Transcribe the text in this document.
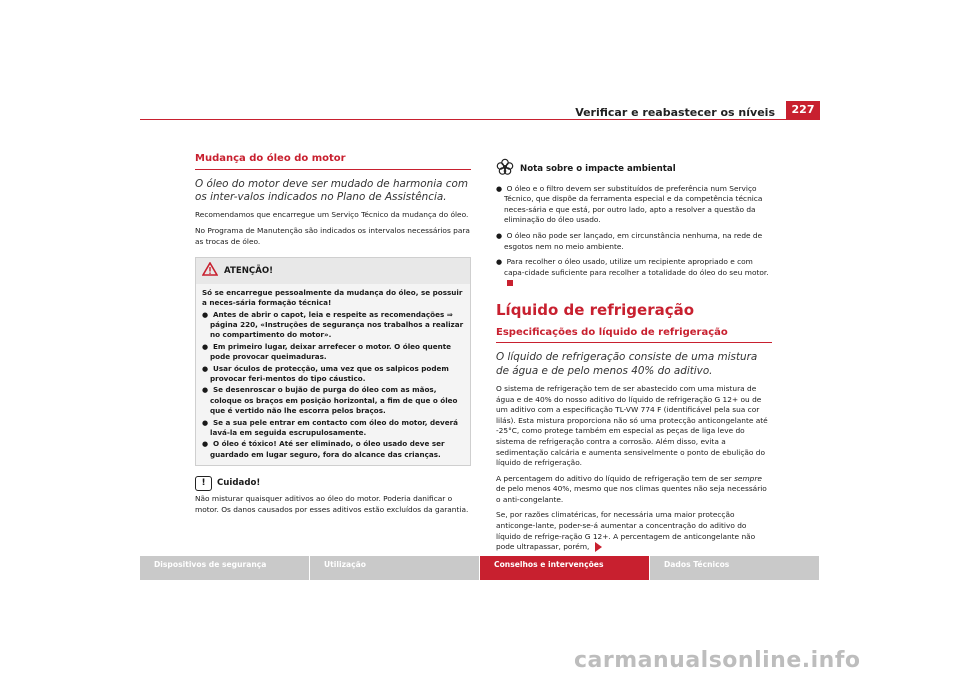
Verificar e reabastecer os níveis	227
Mudança do óleo do motor
O óleo do motor deve ser mudado de harmonia com os inter-valos indicados no Plano de Assistência.

Recomendamos que encarregue um Serviço Técnico da mudança do óleo.

No Programa de Manutenção são indicados os intervalos necessários para as trocas de óleo.

ATENÇÃO!

Só se encarregue pessoalmente da mudança do óleo, se possuir a neces-sária formação técnica!

●  Antes de abrir o capot, leia e respeite as recomendações ⇒ página 220, «Instruções de segurança nos trabalhos a realizar no compartimento do motor».

●  Em primeiro lugar, deixar arrefecer o motor. O óleo quente pode provocar queimaduras.

●  Usar óculos de protecção, uma vez que os salpicos podem provocar feri-mentos do tipo cáustico.

●  Se desenroscar o bujão de purga do óleo com as mãos, coloque os braços em posição horizontal, a fim de que o óleo que é vertido não lhe escorra pelos braços.

●  Se a sua pele entrar em contacto com óleo do motor, deverá lavá-la em seguida escrupulosamente.

●  O óleo é tóxico! Até ser eliminado, o óleo usado deve ser guardado em lugar seguro, fora do alcance das crianças.

!	Cuidado!

Não misturar quaisquer aditivos ao óleo do motor. Poderia danificar o motor. Os danos causados por esses aditivos estão excluídos da garantia.

Nota sobre o impacte ambiental

●  O óleo e o filtro devem ser substituídos de preferência num Serviço Técnico, que dispõe da ferramenta especial e da competência técnica neces-sária e que está, por outro lado, apto a resolver a questão da eliminação do óleo usado.

●  O óleo não pode ser lançado, em circunstância nenhuma, na rede de esgotos nem no meio ambiente.

●  Para recolher o óleo usado, utilize um recipiente apropriado e com capa-cidade suficiente para recolher a totalidade do óleo do seu motor.

Líquido de refrigeração
Especificações do líquido de refrigeração
O líquido de refrigeração consiste de uma mistura de água e de pelo menos 40% do aditivo.

O sistema de refrigeração tem de ser abastecido com uma mistura de água e de 40% do nosso aditivo do líquido de refrigeração G 12+ ou de um aditivo com a especificação TL-VW 774 F (identificável pela sua cor lilás). Esta mistura proporciona não só uma protecção anticongelante até -25°C, como protege também em especial as peças de liga leve do sistema de refrigeração contra a corrosão. Além disso, evita a sedimentação calcária e aumenta sensivelmente o ponto de ebulição do líquido de refrigeração.

A percentagem do aditivo do líquido de refrigeração tem de ser sempre de pelo menos 40%, mesmo que nos climas quentes não seja necessário o anti-congelante.

Se, por razões climatéricas, for necessária uma maior protecção anticonge-lante, poder-se-á aumentar a concentração do aditivo do líquido de refrige-ração G 12+. A percentagem de anticongelante não pode ultrapassar, porém,

Dispositivos de segurança	Utilização	Conselhos e intervenções	Dados Técnicos
carmanualsonline.info
